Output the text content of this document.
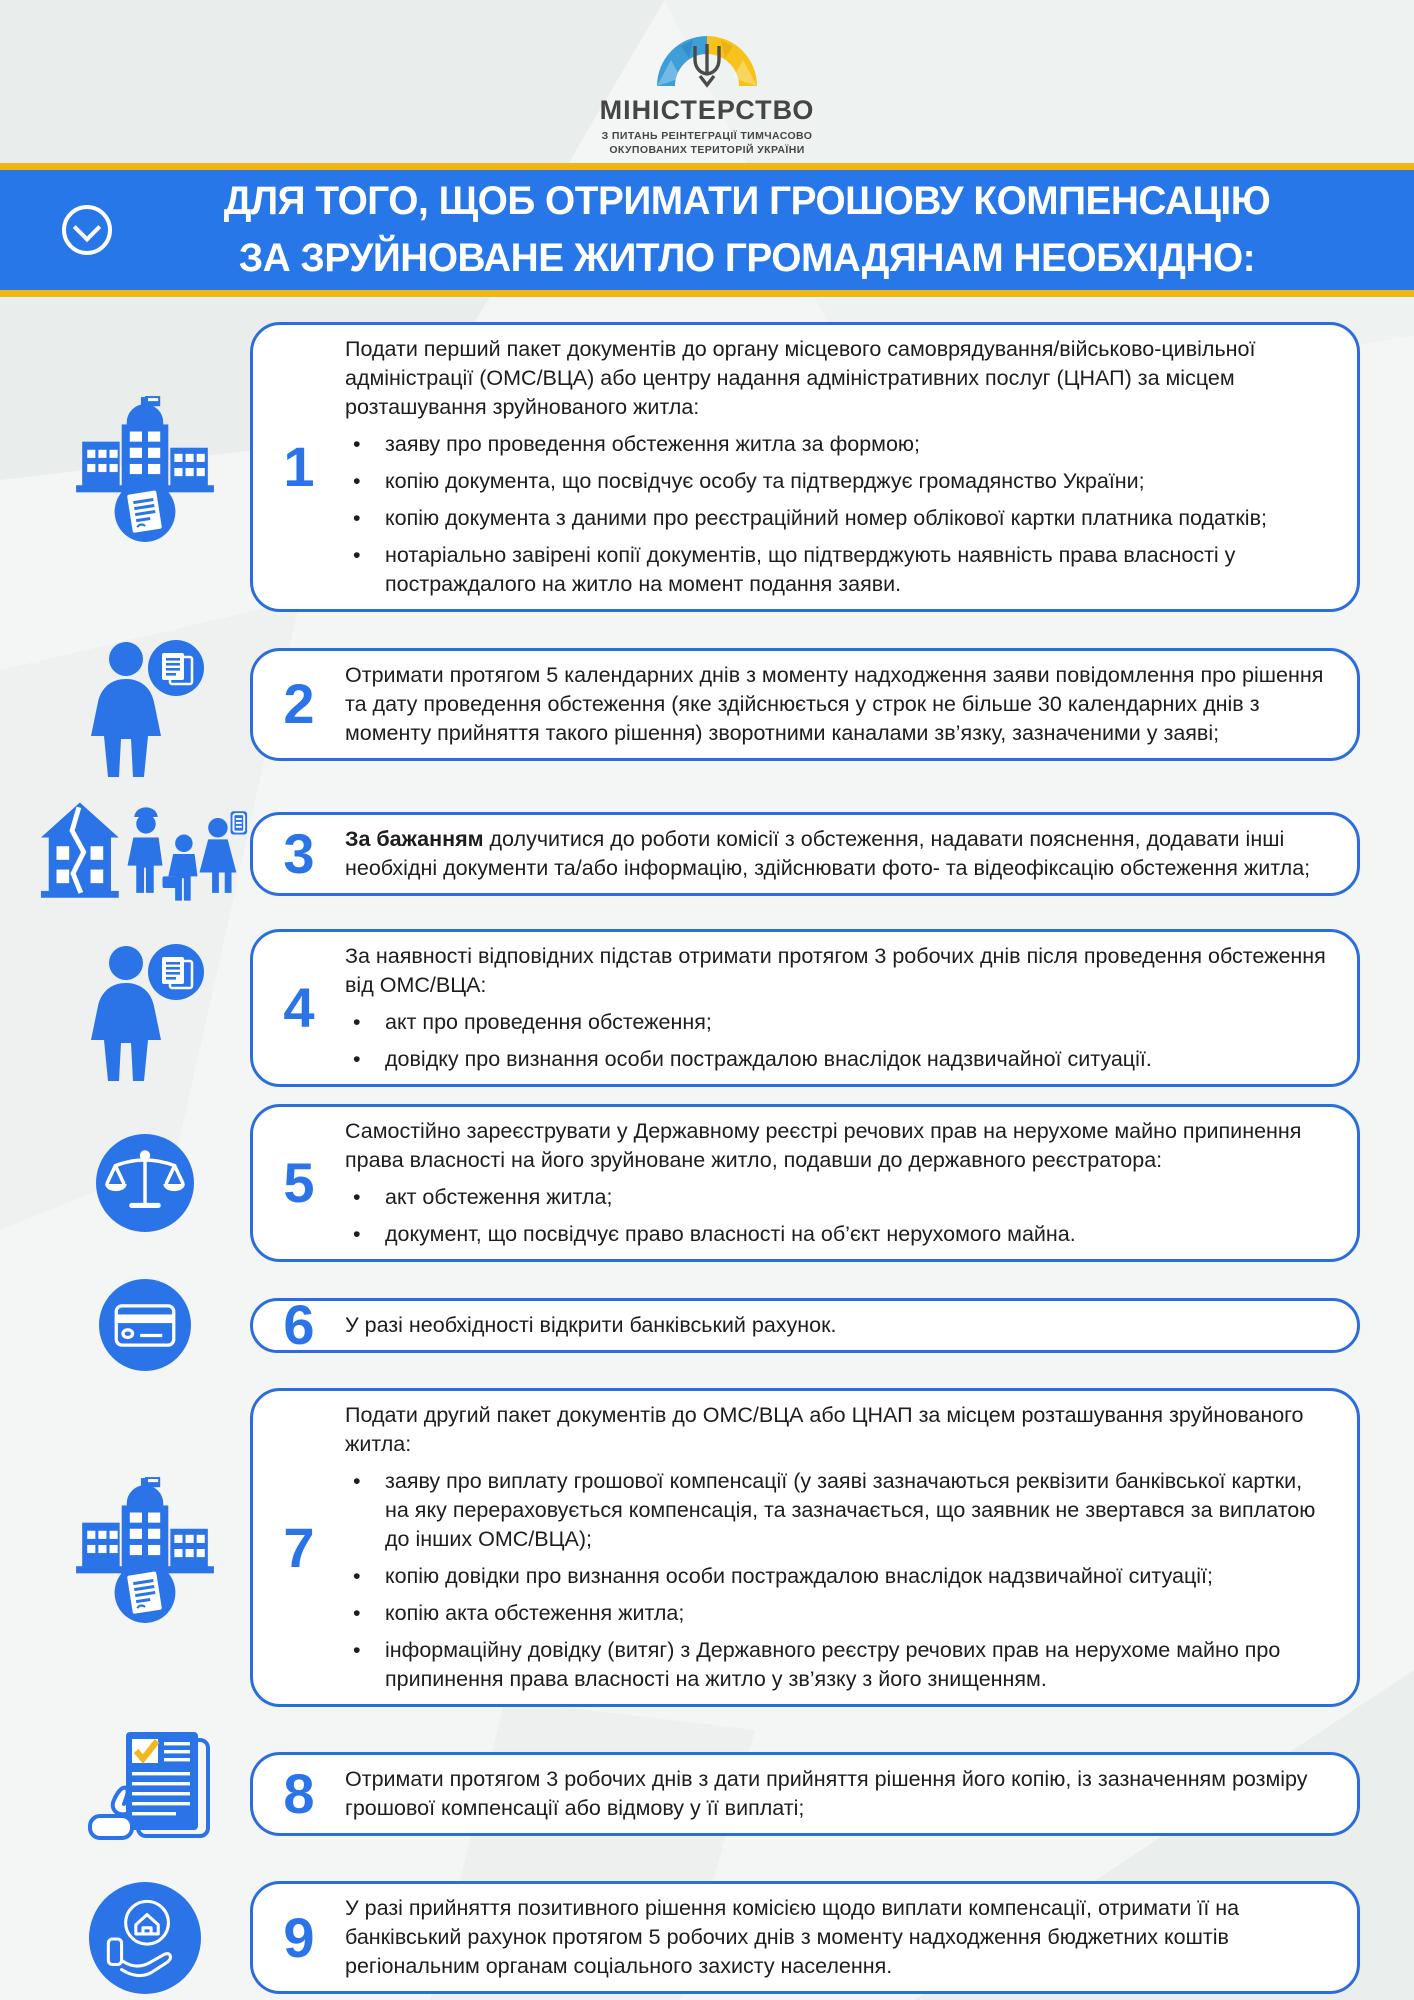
МІНІСТЕРСТВО
З ПИТАНЬ РЕІНТЕГРАЦІЇ ТИМЧАСОВО
ОКУПОВАНИХ ТЕРИТОРІЙ УКРАЇНИ
ДЛЯ ТОГО, ЩОБ ОТРИМАТИ ГРОШОВУ КОМПЕНСАЦІЮ
ЗА ЗРУЙНОВАНЕ ЖИТЛО ГРОМАДЯНАМ НЕОБХІДНО:
1

Подати перший пакет документів до органу місцевого самоврядування/військово-цивільної адміністрації (ОМС/ВЦА) або центру надання адміністративних послуг (ЦНАП) за місцем розташування зруйнованого житла:

• заяву про проведення обстеження житла за формою;
• копію документа, що посвідчує особу та підтверджує громадянство України;
• копію документа з даними про реєстраційний номер облікової картки платника податків;
• нотаріально завірені копії документів, що підтверджують наявність права власності у постраждалого на житло на момент подання заяви.
2	Отримати протягом 5 календарних днів з моменту надходження заяви повідомлення про рішення та дату проведення обстеження (яке здійснюється у строк не більше 30 календарних днів з моменту прийняття такого рішення) зворотними каналами зв’язку, зазначеними у заяві;

3	За бажанням долучитися до роботи комісії з обстеження, надавати пояснення, додавати інші необхідні документи та/або інформацію, здійснювати фото- та відеофіксацію обстеження житла;

4

За наявності відповідних підстав отримати протягом 3 робочих днів після проведення обстеження від ОМС/ВЦА:

• акт про проведення обстеження;
• довідку про визнання особи постраждалою внаслідок надзвичайної ситуації.
5

Самостійно зареєструвати у Державному реєстрі речових прав на нерухоме майно припинення права власності на його зруйноване житло, подавши до державного реєстратора:

• акт обстеження житла;
• документ, що посвідчує право власності на об’єкт нерухомого майна.
6	У разі необхідності відкрити банківський рахунок.

7

Подати другий пакет документів до ОМС/ВЦА або ЦНАП за місцем розташування зруйнованого житла:

• заяву про виплату грошової компенсації (у заяві зазначаються реквізити банківської картки, на яку перераховується компенсація, та зазначається, що заявник не звертався за виплатою до інших ОМС/ВЦА);
• копію довідки про визнання особи постраждалою внаслідок надзвичайної ситуації;
• копію акта обстеження житла;
• інформаційну довідку (витяг) з Державного реєстру речових прав на нерухоме майно про припинення права власності на житло у зв’язку з його знищенням.
8	Отримати протягом 3 робочих днів з дати прийняття рішення його копію, із зазначенням розміру грошової компенсації або відмову у її виплаті;

9	У разі прийняття позитивного рішення комісією щодо виплати компенсації, отримати її на банківський рахунок протягом 5 робочих днів з моменту надходження бюджетних коштів регіональним органам соціального захисту населення.
